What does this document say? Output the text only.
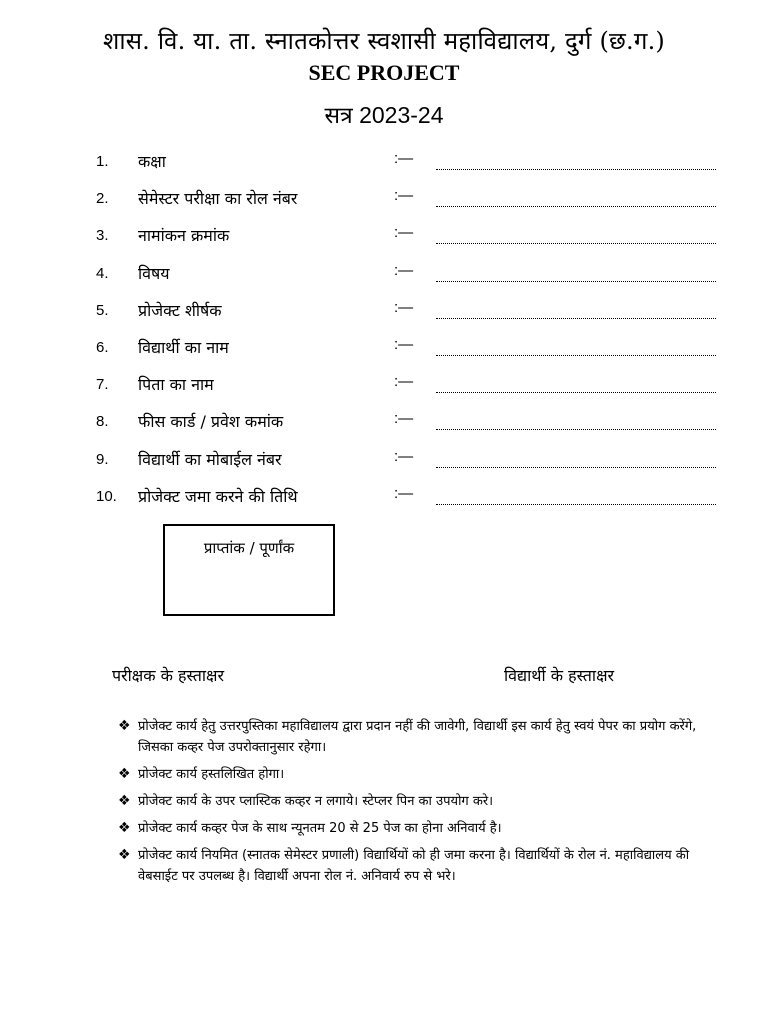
शास. वि. या. ता. स्नातकोत्तर स्वशासी महाविद्यालय, दुर्ग (छ.ग.)
SEC PROJECT
सत्र 2023-24
1. कक्षा	:—
2. सेमेस्टर परीक्षा का रोल नंबर	:—
3. नामांकन क्रमांक	:—
4. विषय	:—
5. प्रोजेक्ट शीर्षक	:—
6. विद्यार्थी का नाम	:—
7. पिता का नाम	:—
8. फीस कार्ड / प्रवेश कमांक	:—
9. विद्यार्थी का मोबाईल नंबर	:—
10. प्रोजेक्ट जमा करने की तिथि	:—
प्राप्तांक / पूर्णांक
परीक्षक के हस्ताक्षर	विद्यार्थी के हस्ताक्षर
❖ प्रोजेक्ट कार्य हेतु उत्तरपुस्तिका महाविद्यालय द्वारा प्रदान नहीं की जावेगी, विद्यार्थी इस कार्य हेतु स्वयं पेपर का प्रयोग करेंगे, जिसका कव्हर पेज उपरोक्तानुसार रहेगा।
❖ प्रोजेक्ट कार्य हस्तलिखित होगा।
❖ प्रोजेक्ट कार्य के उपर प्लास्टिक कव्हर न लगाये। स्टेप्लर पिन का उपयोग करे।
❖ प्रोजेक्ट कार्य कव्हर पेज के साथ न्यूनतम 20 से 25 पेज का होना अनिवार्य है।
❖ प्रोजेक्ट कार्य नियमित (स्नातक सेमेस्टर प्रणाली) विद्यार्थियों को ही जमा करना है। विद्यार्थियों के रोल नं. महाविद्यालय की वेबसाईट पर उपलब्ध है। विद्यार्थी अपना रोल नं. अनिवार्य रुप से भरे।
